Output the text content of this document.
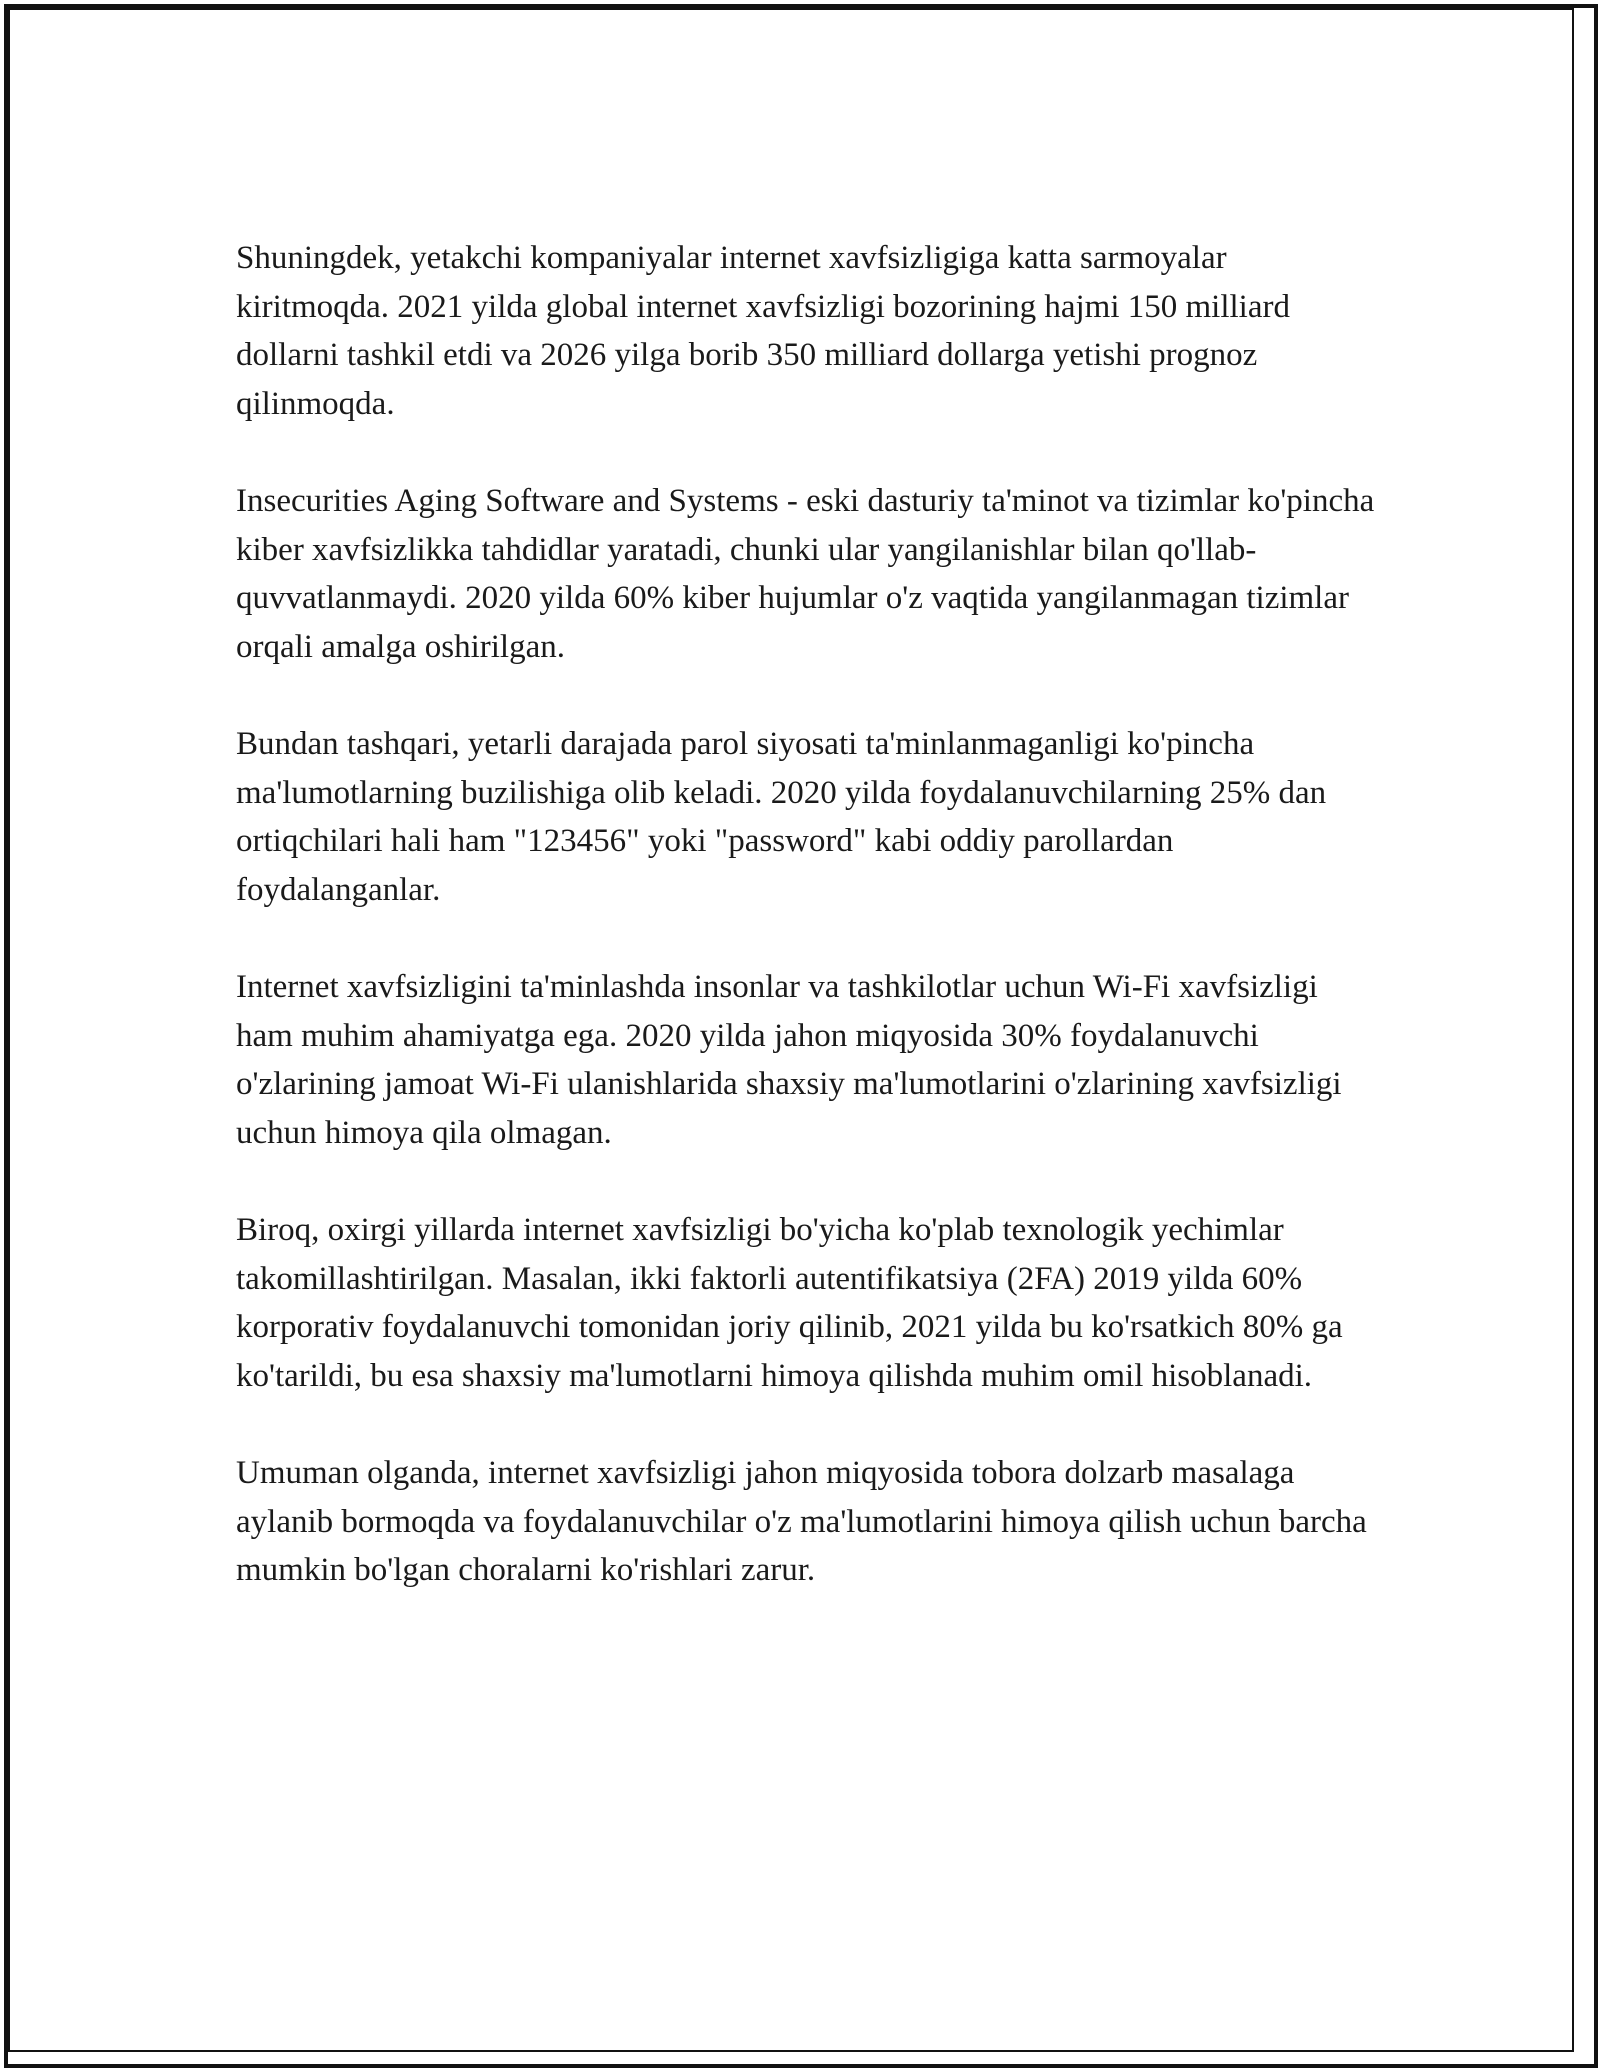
Shuningdek, yetakchi kompaniyalar internet xavfsizligiga katta sarmoyalar kiritmoqda. 2021 yilda global internet xavfsizligi bozorining hajmi 150 milliard dollarni tashkil etdi va 2026 yilga borib 350 milliard dollarga yetishi prognoz qilinmoqda.

Insecurities Aging Software and Systems - eski dasturiy ta'minot va tizimlar ko'pincha kiber xavfsizlikka tahdidlar yaratadi, chunki ular yangilanishlar bilan qo'llab-quvvatlanmaydi. 2020 yilda 60% kiber hujumlar o'z vaqtida yangilanmagan tizimlar orqali amalga oshirilgan.

Bundan tashqari, yetarli darajada parol siyosati ta'minlanmaganligi ko'pincha ma'lumotlarning buzilishiga olib keladi. 2020 yilda foydalanuvchilarning 25% dan ortiqchilari hali ham "123456" yoki "password" kabi oddiy parollardan foydalanganlar.

Internet xavfsizligini ta'minlashda insonlar va tashkilotlar uchun Wi-Fi xavfsizligi ham muhim ahamiyatga ega. 2020 yilda jahon miqyosida 30% foydalanuvchi o'zlarining jamoat Wi-Fi ulanishlarida shaxsiy ma'lumotlarini o'zlarining xavfsizligi uchun himoya qila olmagan.

Biroq, oxirgi yillarda internet xavfsizligi bo'yicha ko'plab texnologik yechimlar takomillashtirilgan. Masalan, ikki faktorli autentifikatsiya (2FA) 2019 yilda 60% korporativ foydalanuvchi tomonidan joriy qilinib, 2021 yilda bu ko'rsatkich 80% ga ko'tarildi, bu esa shaxsiy ma'lumotlarni himoya qilishda muhim omil hisoblanadi.

Umuman olganda, internet xavfsizligi jahon miqyosida tobora dolzarb masalaga aylanib bormoqda va foydalanuvchilar o'z ma'lumotlarini himoya qilish uchun barcha mumkin bo'lgan choralarni ko'rishlari zarur.
